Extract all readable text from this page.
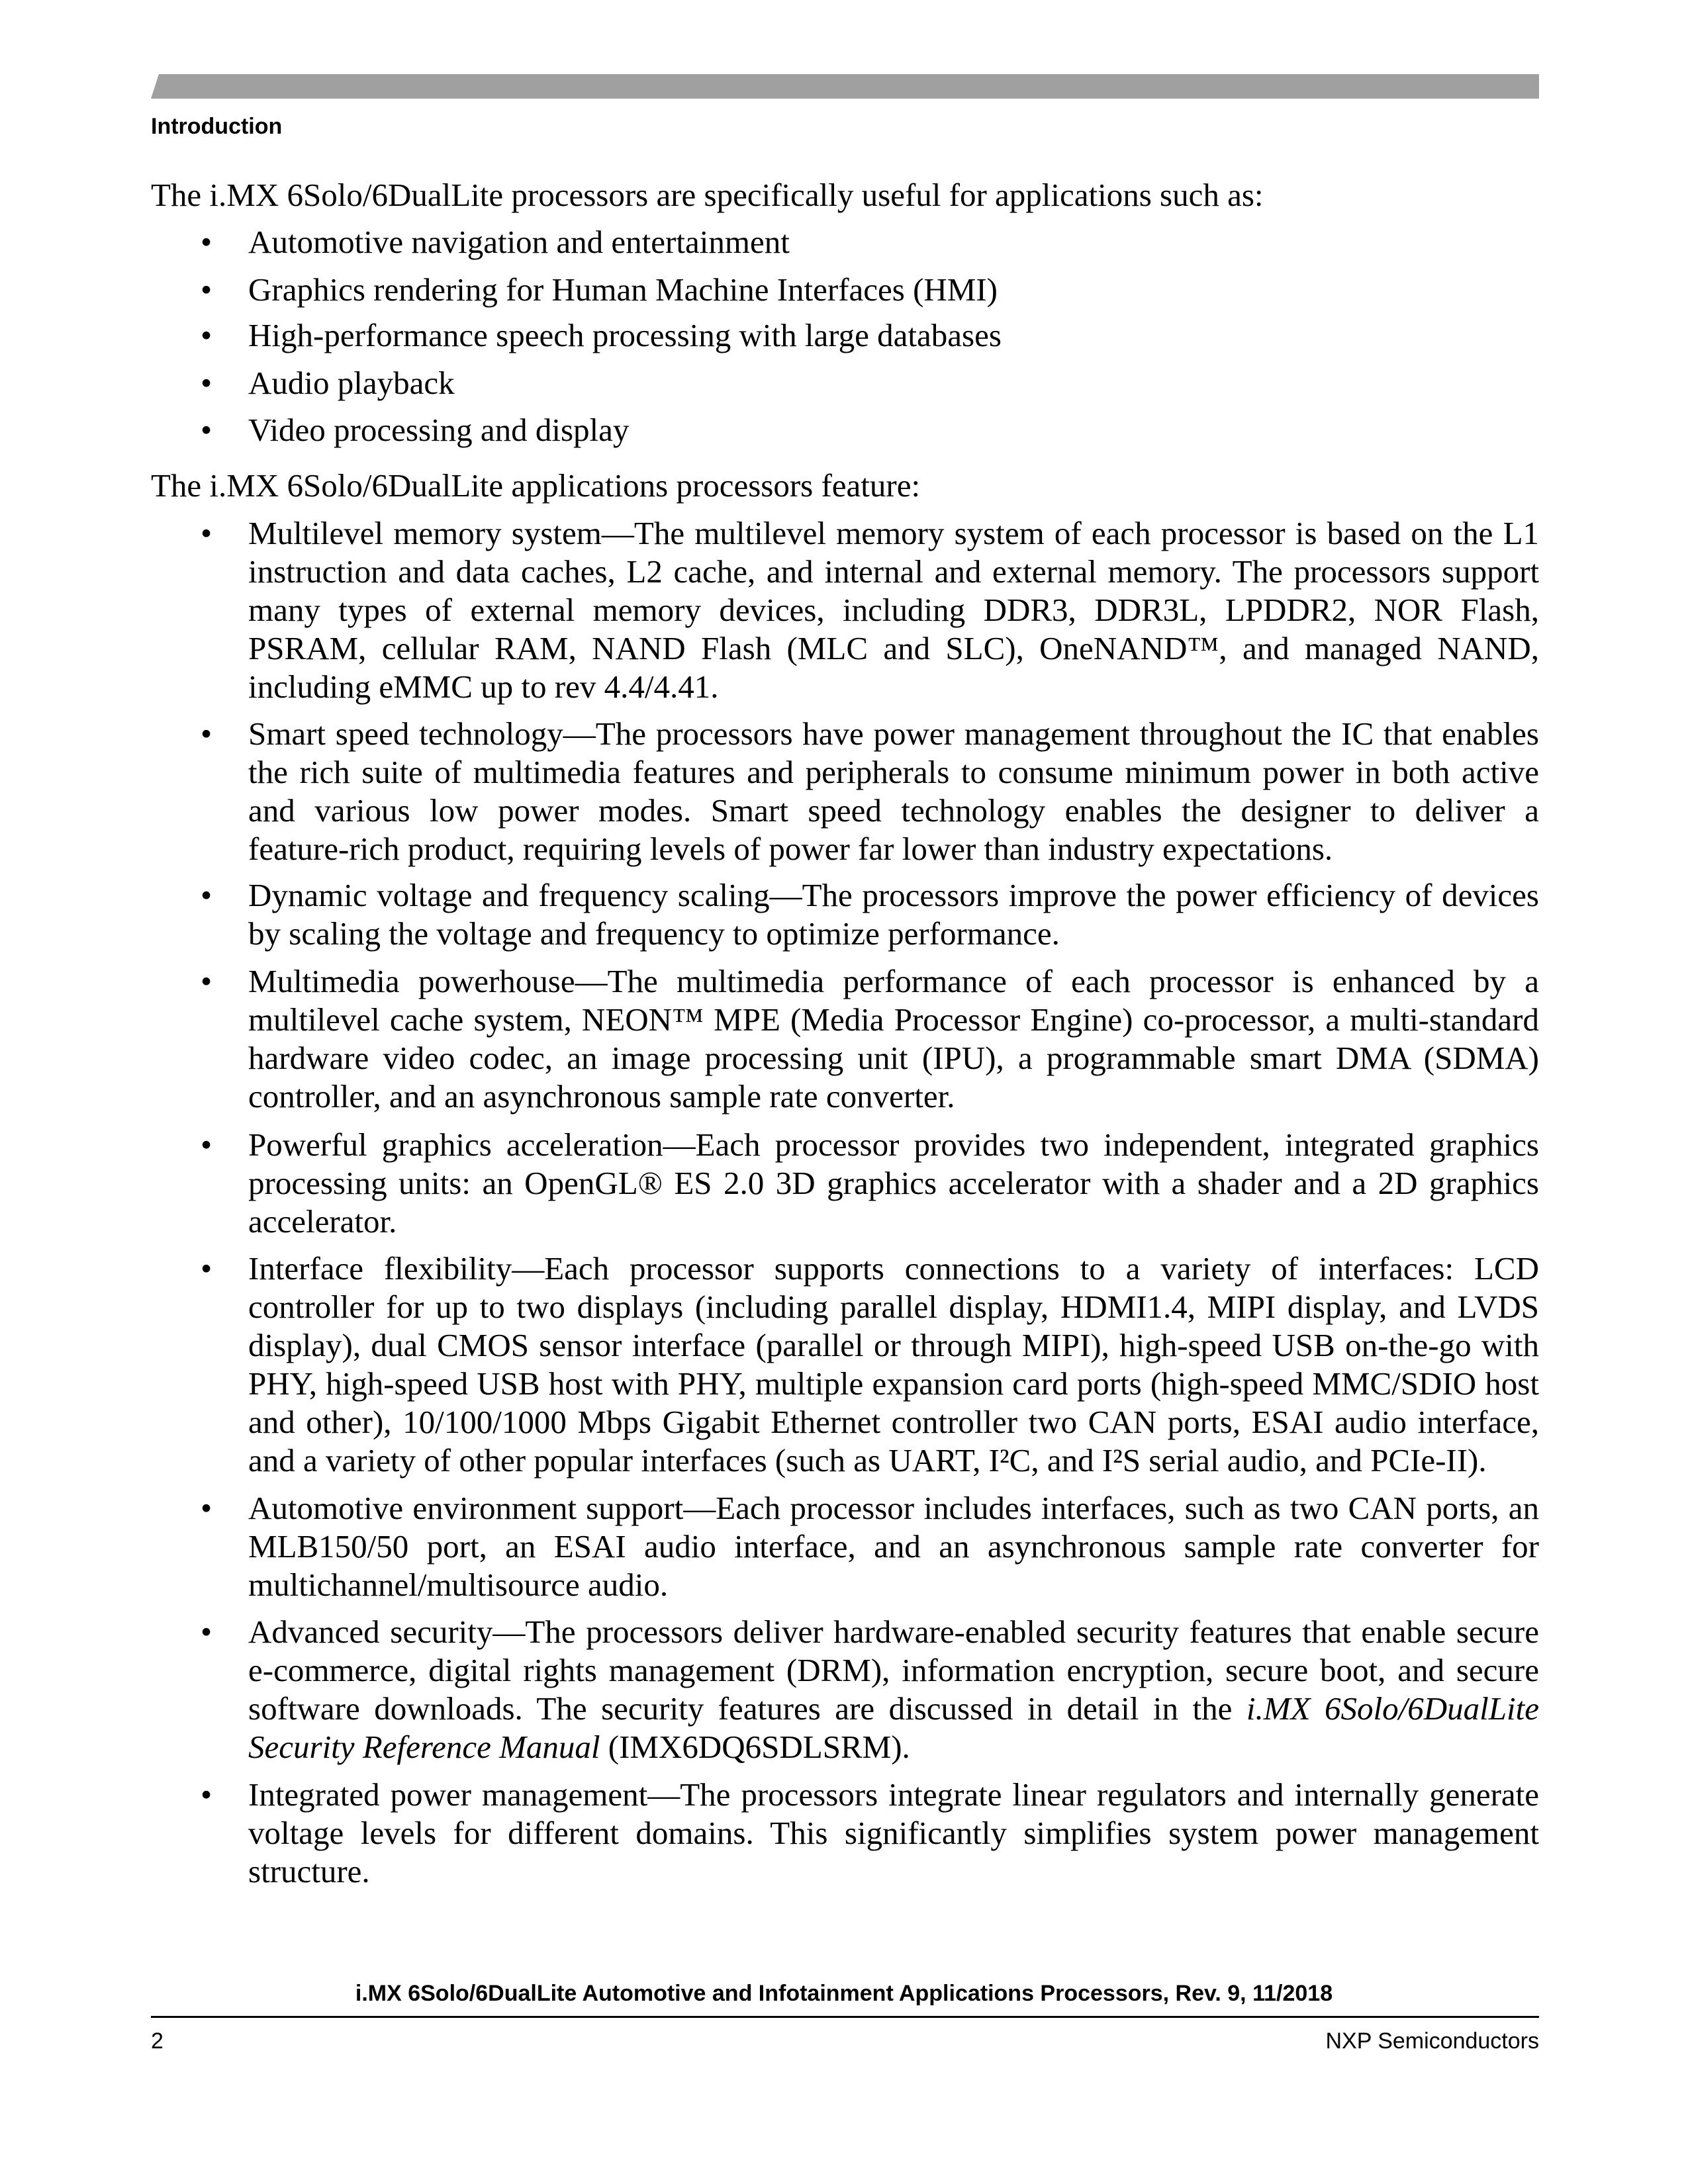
Introduction
The i.MX 6Solo/6DualLite processors are specifically useful for applications such as:
• Automotive navigation and entertainment
• Graphics rendering for Human Machine Interfaces (HMI)
• High-performance speech processing with large databases
• Audio playback
• Video processing and display
The i.MX 6Solo/6DualLite applications processors feature:
• Multilevel memory system—The multilevel memory system of each processor is based on the L1
instruction and data caches, L2 cache, and internal and external memory. The processors support
many types of external memory devices, including DDR3, DDR3L, LPDDR2, NOR Flash,
PSRAM, cellular RAM, NAND Flash (MLC and SLC), OneNAND™, and managed NAND,
including eMMC up to rev 4.4/4.41.
• Smart speed technology—The processors have power management throughout the IC that enables
the rich suite of multimedia features and peripherals to consume minimum power in both active
and various low power modes. Smart speed technology enables the designer to deliver a
feature-rich product, requiring levels of power far lower than industry expectations.
• Dynamic voltage and frequency scaling—The processors improve the power efficiency of devices
by scaling the voltage and frequency to optimize performance.
• Multimedia powerhouse—The multimedia performance of each processor is enhanced by a
multilevel cache system, NEON™ MPE (Media Processor Engine) co-processor, a multi-standard
hardware video codec, an image processing unit (IPU), a programmable smart DMA (SDMA)
controller, and an asynchronous sample rate converter.
• Powerful graphics acceleration—Each processor provides two independent, integrated graphics
processing units: an OpenGL® ES 2.0 3D graphics accelerator with a shader and a 2D graphics
accelerator.
• Interface flexibility—Each processor supports connections to a variety of interfaces: LCD
controller for up to two displays (including parallel display, HDMI1.4, MIPI display, and LVDS
display), dual CMOS sensor interface (parallel or through MIPI), high-speed USB on-the-go with
PHY, high-speed USB host with PHY, multiple expansion card ports (high-speed MMC/SDIO host
and other), 10/100/1000 Mbps Gigabit Ethernet controller two CAN ports, ESAI audio interface,
and a variety of other popular interfaces (such as UART, I²C, and I²S serial audio, and PCIe-II).
• Automotive environment support—Each processor includes interfaces, such as two CAN ports, an
MLB150/50 port, an ESAI audio interface, and an asynchronous sample rate converter for
multichannel/multisource audio.
• Advanced security—The processors deliver hardware-enabled security features that enable secure
e-commerce, digital rights management (DRM), information encryption, secure boot, and secure
software downloads. The security features are discussed in detail in the i.MX 6Solo/6DualLite
Security Reference Manual (IMX6DQ6SDLSRM).
• Integrated power management—The processors integrate linear regulators and internally generate
voltage levels for different domains. This significantly simplifies system power management
structure.
i.MX 6Solo/6DualLite Automotive and Infotainment Applications Processors, Rev. 9, 11/2018
2	NXP Semiconductors
